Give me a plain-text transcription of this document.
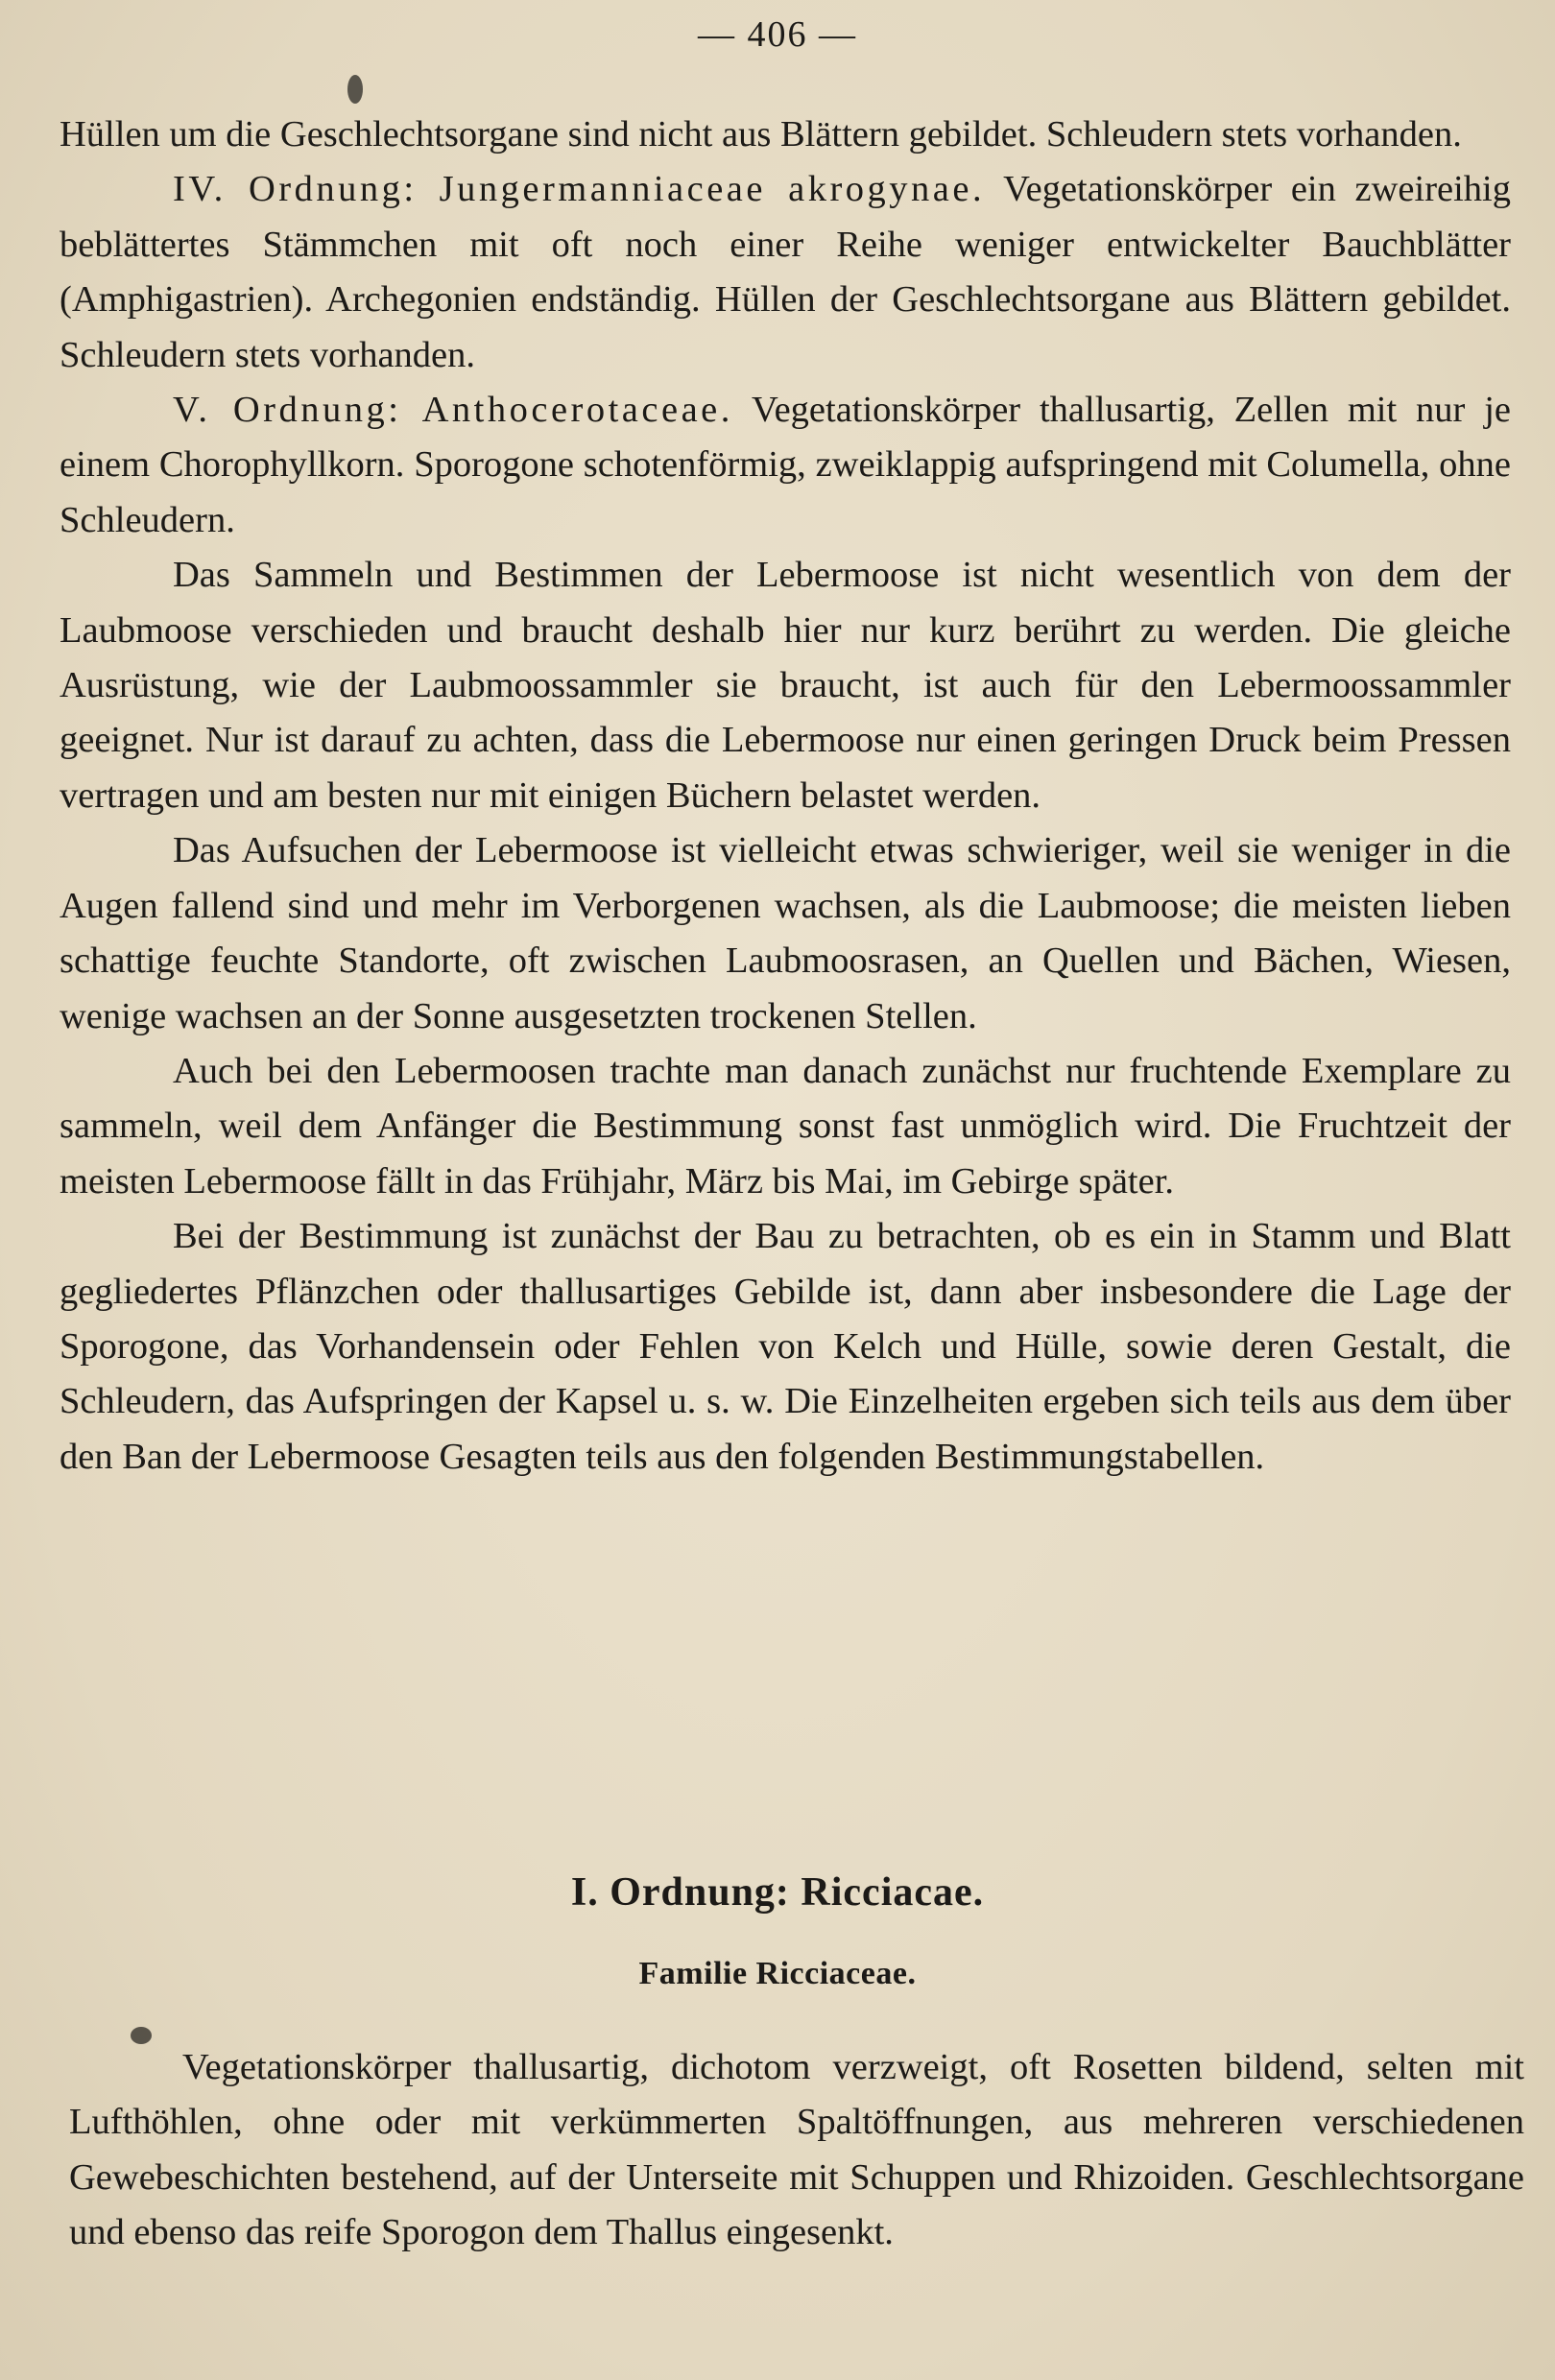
— 406 —

Hüllen um die Geschlechtsorgane sind nicht aus Blättern gebildet. Schleudern stets vorhanden.

IV. Ordnung: Jungermanniaceae akrogynae. Vegetationskörper ein zweireihig beblättertes Stämmchen mit oft noch einer Reihe weniger entwickelter Bauchblätter (Amphigastrien). Archegonien endständig. Hüllen der Geschlechtsorgane aus Blättern gebildet. Schleudern stets vorhanden.

V. Ordnung: Anthocerotaceae. Vegetationskörper thallusartig, Zellen mit nur je einem Chorophyllkorn. Sporogone schotenförmig, zweiklappig aufspringend mit Columella, ohne Schleudern.

Das Sammeln und Bestimmen der Lebermoose ist nicht wesentlich von dem der Laubmoose verschieden und braucht deshalb hier nur kurz berührt zu werden. Die gleiche Ausrüstung, wie der Laubmoossammler sie braucht, ist auch für den Lebermoossammler geeignet. Nur ist darauf zu achten, dass die Lebermoose nur einen geringen Druck beim Pressen vertragen und am besten nur mit einigen Büchern belastet werden.

Das Aufsuchen der Lebermoose ist vielleicht etwas schwieriger, weil sie weniger in die Augen fallend sind und mehr im Verborgenen wachsen, als die Laubmoose; die meisten lieben schattige feuchte Standorte, oft zwischen Laubmoosrasen, an Quellen und Bächen, Wiesen, wenige wachsen an der Sonne ausgesetzten trockenen Stellen.

Auch bei den Lebermoosen trachte man danach zunächst nur fruchtende Exemplare zu sammeln, weil dem Anfänger die Bestimmung sonst fast unmöglich wird. Die Fruchtzeit der meisten Lebermoose fällt in das Frühjahr, März bis Mai, im Gebirge später.

Bei der Bestimmung ist zunächst der Bau zu betrachten, ob es ein in Stamm und Blatt gegliedertes Pflänzchen oder thallusartiges Gebilde ist, dann aber insbesondere die Lage der Sporogone, das Vorhandensein oder Fehlen von Kelch und Hülle, sowie deren Gestalt, die Schleudern, das Aufspringen der Kapsel u. s. w. Die Einzelheiten ergeben sich teils aus dem über den Ban der Lebermoose Gesagten teils aus den folgenden Bestimmungstabellen.

I. Ordnung: Ricciacae.
Familie Ricciaceae.

Vegetationskörper thallusartig, dichotom verzweigt, oft Rosetten bildend, selten mit Lufthöhlen, ohne oder mit verkümmerten Spaltöffnungen, aus mehreren verschiedenen Gewebeschichten bestehend, auf der Unterseite mit Schuppen und Rhizoiden. Geschlechtsorgane und ebenso das reife Sporogon dem Thallus eingesenkt.
